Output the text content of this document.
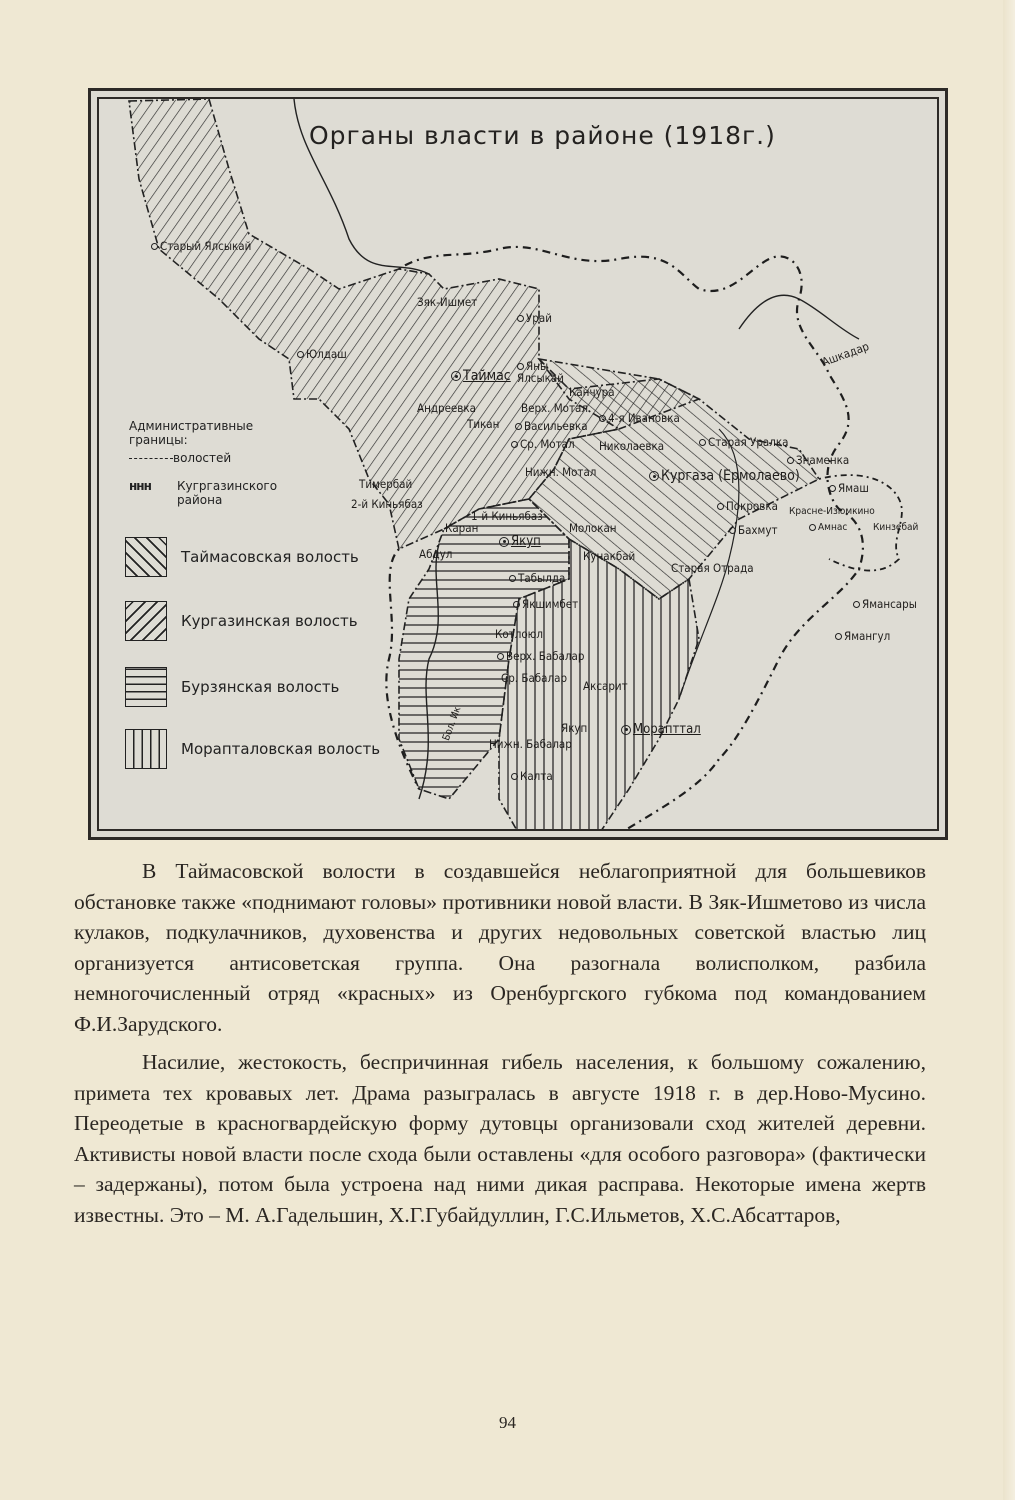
Органы власти в районе (1918г.)
Старый Ялсыкай
Юлдаш
Зяк-Ишмет
Урай
Таймас
Яны Ялсыкай
Андреевка
Тикан
Канчура
Верх. Мотал
Васильевка
4-я Ивановка
Ср. Мотал Николаевка
Нижн. Мотал	Кургаза (Ермолаево)
Тимербай
2-й Киньябаз
1-й Киньябаз
Каран
Якуп
Молокан
Абдул	Кунакбай
Табылда
Якшимбет
Котлоюл
Верх. Бабалар
Ср. Бабалар
Аксарит
Якуп	Морапттал
Нижн. Бабалар
Калта
Старая Уралка
Знаменка
Ямаш
Краснe-Изюмкино
Амнас	Кинзебай
Покровка
Бахмут
Старая Отрада
Ямансары
Ямангул
Ашкадар
Бол. Ик
Административные
границы:
волостей
ннн Кугргазинского
района
Таймасовская волость
Кургазинская волость
Бурзянская волость
Морапталовская волость

В Таймасовской волости в создавшейся неблагоприятной для большевиков обстановке также «поднимают головы» противники новой власти. В Зяк-Ишметово из числа кулаков, подкулачников, духовенства и других недовольных советской властью лиц организуется антисоветская группа. Она разогнала волисполком, разбила немногочисленный отряд «красных» из Оренбургского губкома под командованием Ф.И.Зарудского.

Насилие, жестокость, беспричинная гибель населения, к большому сожалению, примета тех кровавых лет. Драма разыгралась в августе 1918 г. в дер.Ново-Мусино. Переодетые в красногвардейскую форму дутовцы организовали сход жителей деревни. Активисты новой власти после схода были оставлены «для особого разговора» (фактически – задержаны), потом была устроена над ними дикая расправа. Некоторые имена жертв известны. Это – М. А.Гадельшин, Х.Г.Губайдуллин, Г.С.Ильметов, Х.С.Абсаттаров,

94
